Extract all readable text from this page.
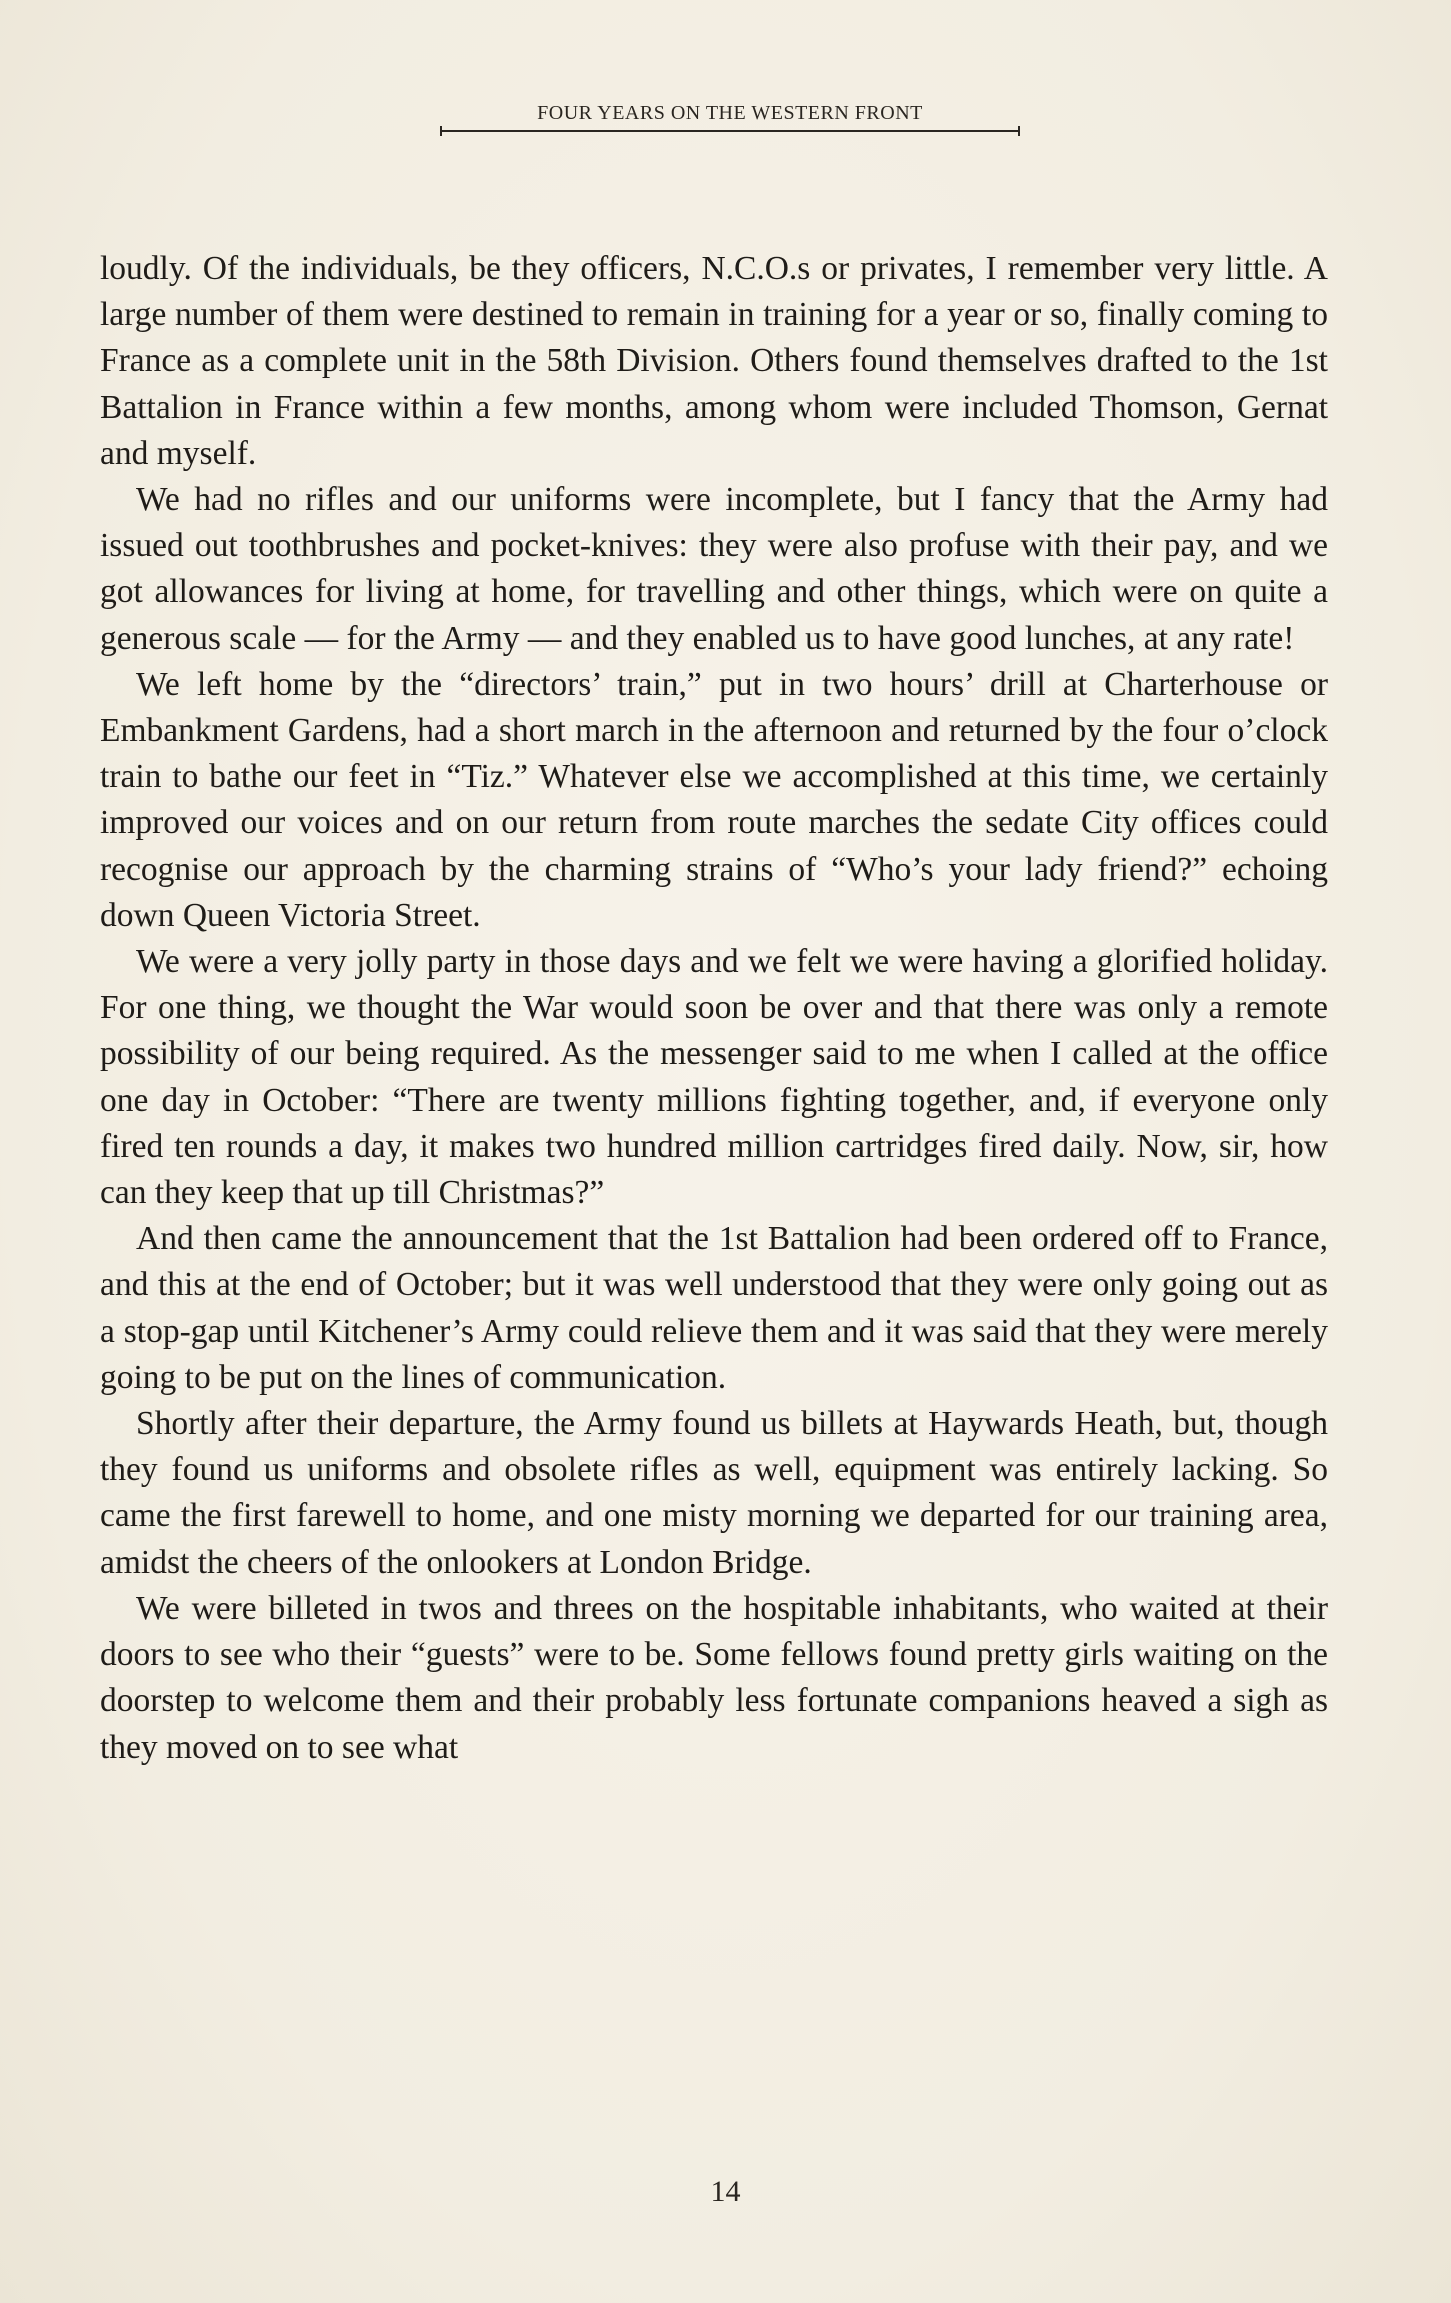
FOUR YEARS ON THE WESTERN FRONT

loudly. Of the individuals, be they officers, N.C.O.s or privates, I remember very little. A large number of them were destined to remain in training for a year or so, finally coming to France as a complete unit in the 58th Division. Others found themselves drafted to the 1st Battalion in France within a few months, among whom were included Thomson, Gernat and myself.

We had no rifles and our uniforms were incomplete, but I fancy that the Army had issued out toothbrushes and pocket-knives: they were also profuse with their pay, and we got allowances for living at home, for travelling and other things, which were on quite a generous scale — for the Army — and they enabled us to have good lunches, at any rate!

We left home by the “directors’ train,” put in two hours’ drill at Charterhouse or Embankment Gardens, had a short march in the afternoon and returned by the four o’clock train to bathe our feet in “Tiz.” Whatever else we accomplished at this time, we certainly improved our voices and on our return from route marches the sedate City offices could recognise our approach by the charming strains of “Who’s your lady friend?” echoing down Queen Victoria Street.

We were a very jolly party in those days and we felt we were having a glorified holiday. For one thing, we thought the War would soon be over and that there was only a remote possibility of our being required. As the messenger said to me when I called at the office one day in October: “There are twenty millions fighting together, and, if everyone only fired ten rounds a day, it makes two hundred million cartridges fired daily. Now, sir, how can they keep that up till Christmas?”

And then came the announcement that the 1st Battalion had been ordered off to France, and this at the end of October; but it was well understood that they were only going out as a stop-gap until Kitchener’s Army could relieve them and it was said that they were merely going to be put on the lines of communication.

Shortly after their departure, the Army found us billets at Haywards Heath, but, though they found us uniforms and obsolete rifles as well, equipment was entirely lacking. So came the first farewell to home, and one misty morning we departed for our training area, amidst the cheers of the onlookers at London Bridge.

We were billeted in twos and threes on the hospitable inhabitants, who waited at their doors to see who their “guests” were to be. Some fellows found pretty girls waiting on the doorstep to welcome them and their probably less fortunate companions heaved a sigh as they moved on to see what

14
